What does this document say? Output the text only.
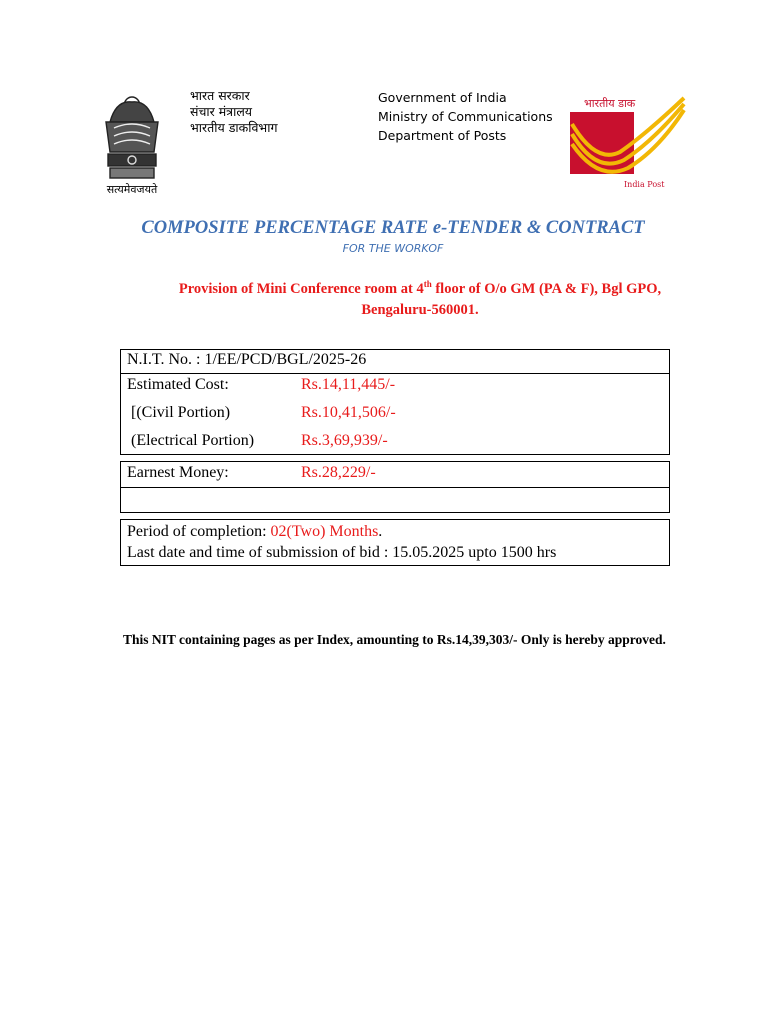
सत्यमेवजयते
भारत सरकार
संचार मंत्रालय
भारतीय डाकविभाग
Government of India
Ministry of Communications
Department of Posts
भारतीय डाक
India Post
COMPOSITE PERCENTAGE RATE e-TENDER & CONTRACT
FOR THE WORKOF
Provision of Mini Conference room at 4th floor of O/o GM (PA & F), Bgl GPO,
Bengaluru-560001.
N.I.T. No. : 1/EE/PCD/BGL/2025-26
Estimated Cost:	Rs.14,11,445/-
[(Civil Portion)	Rs.10,41,506/-
(Electrical Portion)	Rs.3,69,939/-
Earnest Money:	Rs.28,229/-
Period of completion: 02(Two) Months.
Last date and time of submission of bid : 15.05.2025 upto 1500 hrs
This NIT containing pages as per Index, amounting to Rs.14,39,303/- Only is hereby approved.
